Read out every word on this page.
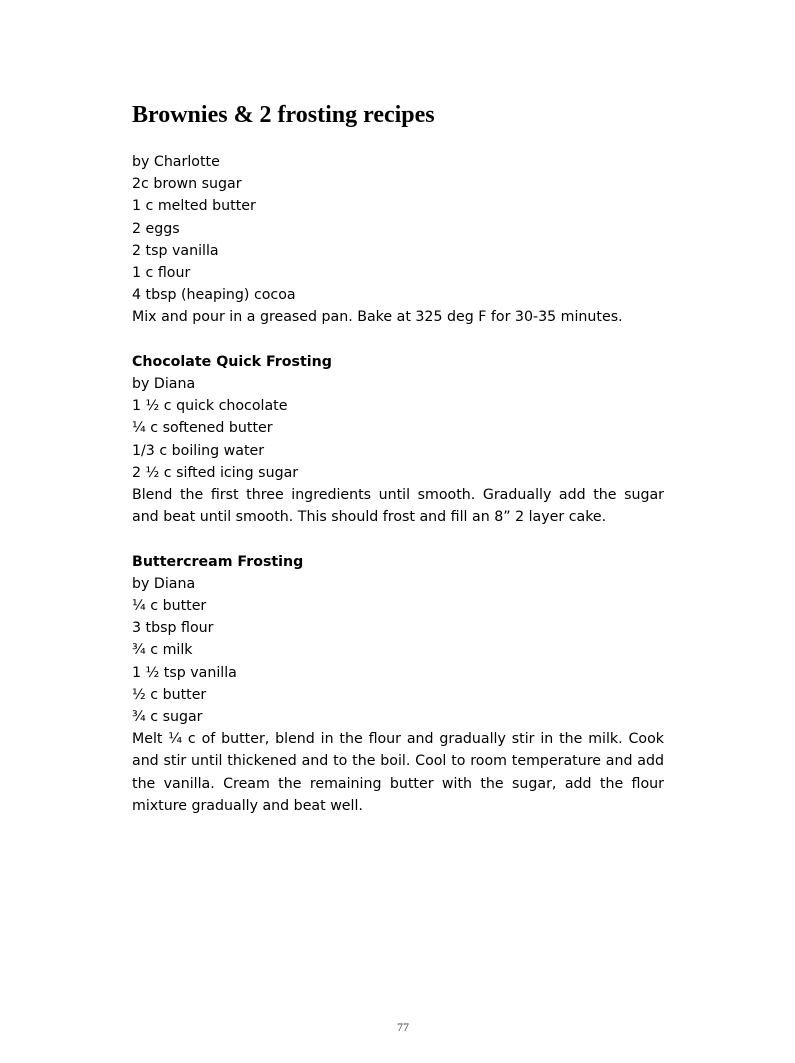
Brownies & 2 frosting recipes

by Charlotte

2c brown sugar

1 c melted butter

2 eggs

2 tsp vanilla

1 c flour

4 tbsp (heaping) cocoa

Mix and pour in a greased pan. Bake at 325 deg F for 30-35 minutes.

Chocolate Quick Frosting

by Diana

1 ½ c quick chocolate

¼ c softened butter

1/3 c boiling water

2 ½ c sifted icing sugar

Blend the first three ingredients until smooth. Gradually add the sugar and beat until smooth. This should frost and fill an 8” 2 layer cake.

Buttercream Frosting

by Diana

¼ c butter

3 tbsp flour

¾ c milk

1 ½ tsp vanilla

½ c butter

¾ c sugar

Melt ¼ c of butter, blend in the flour and gradually stir in the milk. Cook and stir until thickened and to the boil. Cool to room temperature and add the vanilla. Cream the remaining butter with the sugar, add the flour mixture gradually and beat well.

77
